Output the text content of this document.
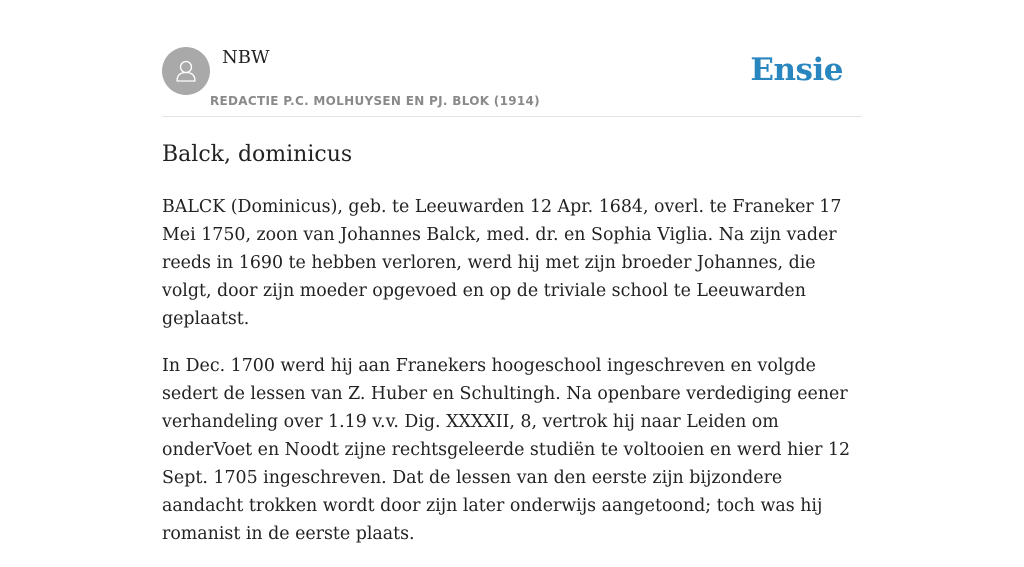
NBW
REDACTIE P.C. MOLHUYSEN EN PJ. BLOK (1914)
Ensie
Balck, dominicus

BALCK (Dominicus), geb. te Leeuwarden 12 Apr. 1684, overl. te Franeker 17 Mei 1750, zoon van Johannes Balck, med. dr. en Sophia Viglia. Na zijn vader reeds in 1690 te hebben verloren, werd hij met zijn broeder Johannes, die volgt, door zijn moeder opgevoed en op de triviale school te Leeuwarden geplaatst.

In Dec. 1700 werd hij aan Franekers hoogeschool ingeschreven en volgde sedert de lessen van Z. Huber en Schultingh. Na openbare verdediging eener verhandeling over 1.19 v.v. Dig. XXXXII, 8, vertrok hij naar Leiden om onderVoet en Noodt zijne rechtsgeleerde studiën te voltooien en werd hier 12 Sept. 1705 ingeschreven. Dat de lessen van den eerste zijn bijzondere aandacht trokken wordt door zijn later onderwijs aangetoond; toch was hij romanist in de eerste plaats.
